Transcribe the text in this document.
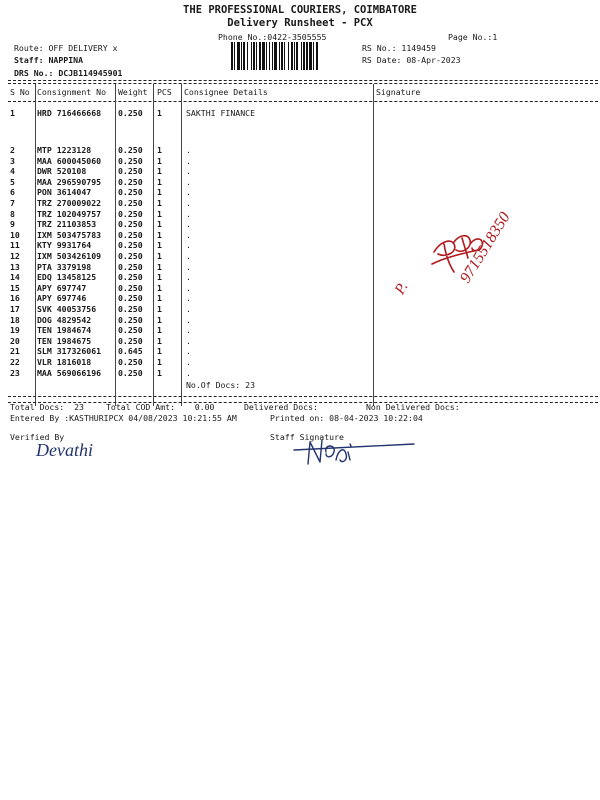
THE PROFESSIONAL COURIERS, COIMBATORE
Delivery Runsheet - PCX
Phone No.:0422-3505555	Page No.:1
Route: OFF DELIVERY x
Staff: NAPPINA
DRS No.: DCJB114945901
RS No.: 1149459
RS Date: 08-Apr-2023
S No Consignment No Weight PCS Consignee Details	Signature
1	HRD 716466668 0.250 1	SAKTHI FINANCE
2	MTP 1223128	0.250 1	.
3	MAA 600045060 0.250 1	.
4	DWR 520108	0.250 1	.
5	MAA 296590795 0.250 1	.
6	PON 3614047	0.250 1	.
7	TRZ 270009022 0.250 1	.
8	TRZ 102049757 0.250 1	.
9	TRZ 21103853	0.250 1	.
10 IXM 503475783 0.250 1	.
11 KTY 9931764	0.250 1	.
12 IXM 503426109 0.250 1	.
13 PTA 3379198	0.250 1	.
14 EDQ 13458125	0.250 1	.
15 APY 697747	0.250 1	.
16 APY 697746	0.250 1	.
17 SVK 40053756	0.250 1	.
18 DOG 4829542	0.250 1	.
19 TEN 1984674	0.250 1	.
20 TEN 1984675	0.250 1	.
21 SLM 317326061 0.645 1	.
22 VLR 1816018	0.250 1	.
23 MAA 569066196 0.250 1	.
No.Of Docs: 23
P.
9715518350
Total Docs:  23	Total COD Amt:    0.00	Delivered Docs:	Non Delivered Docs:
Entered By :KASTHURIPCX 04/08/2023 10:21:55 AM	Printed on: 08-04-2023 10:22:04
Verified By	Staff Signature
Devathi
